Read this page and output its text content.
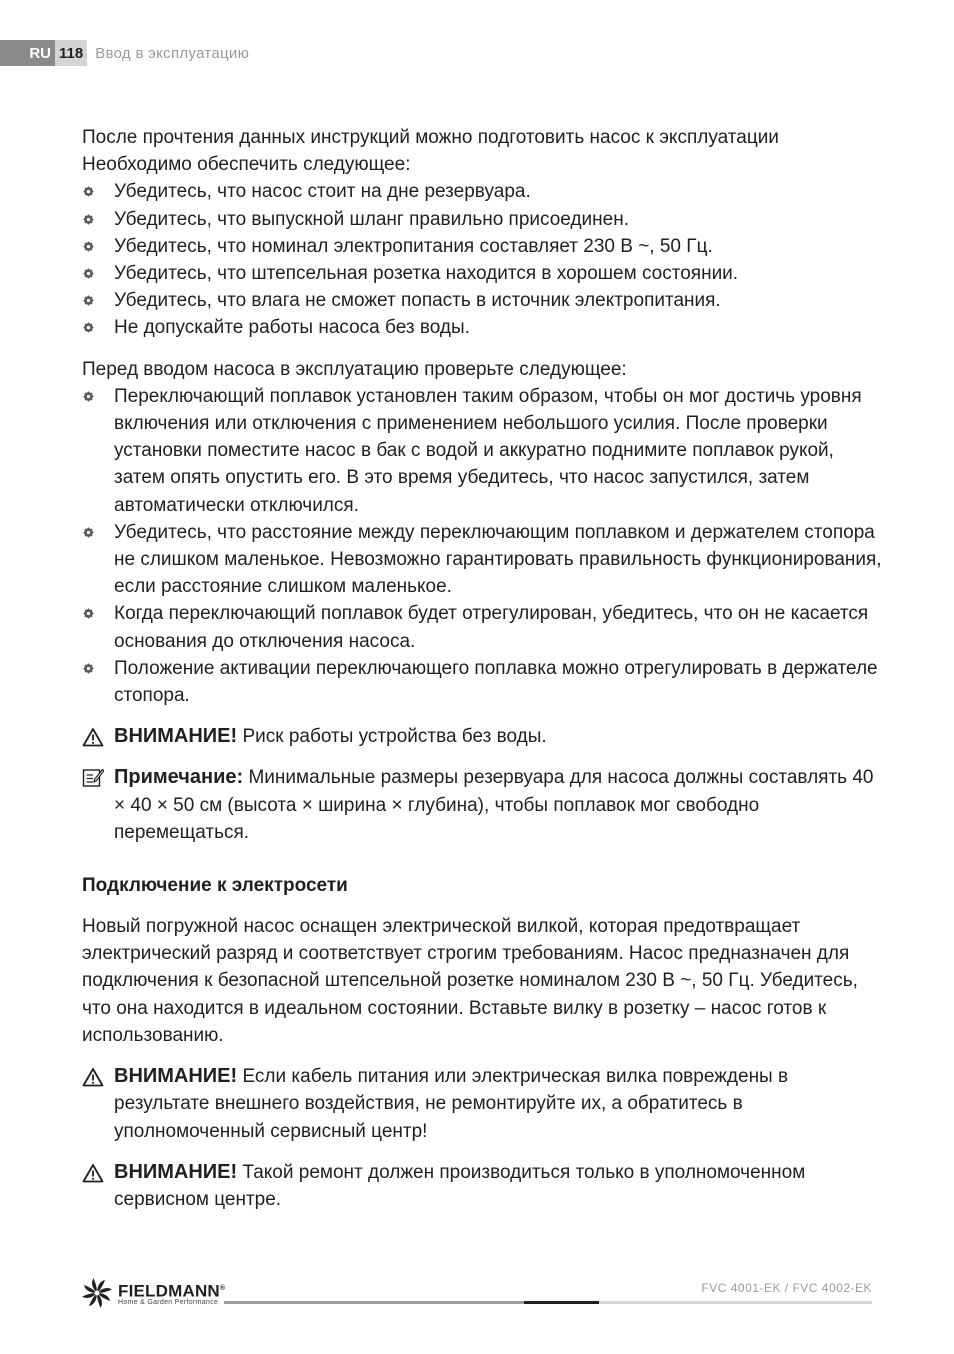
RU 118 Ввод в эксплуатацию

После прочтения данных инструкций можно подготовить насос к эксплуатации

Необходимо обеспечить следующее:

Убедитесь, что насос стоит на дне резервуара.
Убедитесь, что выпускной шланг правильно присоединен.
Убедитесь, что номинал электропитания составляет 230 В ~, 50 Гц.
Убедитесь, что штепсельная розетка находится в хорошем состоянии.
Убедитесь, что влага не сможет попасть в источник электропитания.
Не допускайте работы насоса без воды.

Перед вводом насоса в эксплуатацию проверьте следующее:

Переключающий поплавок установлен таким образом, чтобы он мог достичь уровня включения или отключения с применением небольшого усилия. После проверки установки поместите насос в бак с водой и аккуратно поднимите поплавок рукой, затем опять опустить его. В это время убедитесь, что насос запустился, затем автоматически отключился.
Убедитесь, что расстояние между переключающим поплавком и держателем стопора не слишком маленькое. Невозможно гарантировать правильность функционирования, если расстояние слишком маленькое.
Когда переключающий поплавок будет отрегулирован, убедитесь, что он не касается основания до отключения насоса.
Положение активации переключающего поплавка можно отрегулировать в держателе стопора.
ВНИМАНИЕ! Риск работы устройства без воды.
Примечание: Минимальные размеры резервуара для насоса должны составлять 40 × 40 × 50 см (высота × ширина × глубина), чтобы поплавок мог свободно перемещаться.
Подключение к электросети

Новый погружной насос оснащен электрической вилкой, которая предотвращает электрический разряд и соответствует строгим требованиям. Насос предназначен для подключения к безопасной штепсельной розетке номиналом 230 В ~, 50 Гц. Убедитесь, что она находится в идеальном состоянии. Вставьте вилку в розетку – насос готов к использованию.

ВНИМАНИЕ! Если кабель питания или электрическая вилка повреждены в результате внешнего воздействия, не ремонтируйте их, а обратитесь в уполномоченный сервисный центр!
ВНИМАНИЕ! Такой ремонт должен производиться только в уполномоченном сервисном центре.
FIELDMANN®
Home & Garden Performance
FVC 4001-EK / FVC 4002-EK
